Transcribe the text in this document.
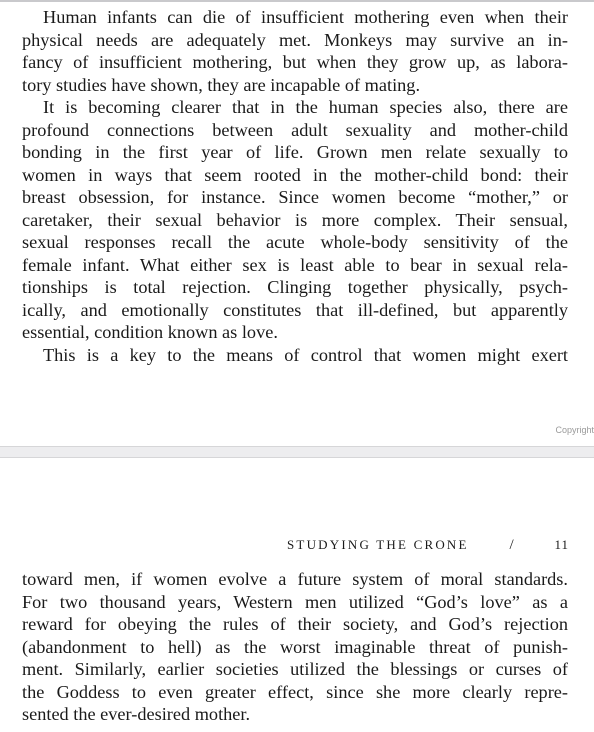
Human infants can die of insufficient mothering even when their
physical needs are adequately met. Monkeys may survive an in-
fancy of insufficient mothering, but when they grow up, as labora-
tory studies have shown, they are incapable of mating.
It is becoming clearer that in the human species also, there are
profound connections between adult sexuality and mother-child
bonding in the first year of life. Grown men relate sexually to
women in ways that seem rooted in the mother-child bond: their
breast obsession, for instance. Since women become “mother,” or
caretaker, their sexual behavior is more complex. Their sensual,
sexual responses recall the acute whole-body sensitivity of the
female infant. What either sex is least able to bear in sexual rela-
tionships is total rejection. Clinging together physically, psych-
ically, and emotionally constitutes that ill-defined, but apparently
essential, condition known as love.
This is a key to the means of control that women might exert
Copyright
STUDYING THE CRONE	/	11
toward men, if women evolve a future system of moral standards.
For two thousand years, Western men utilized “God’s love” as a
reward for obeying the rules of their society, and God’s rejection
(abandonment to hell) as the worst imaginable threat of punish-
ment. Similarly, earlier societies utilized the blessings or curses of
the Goddess to even greater effect, since she more clearly repre-
sented the ever-desired mother.
